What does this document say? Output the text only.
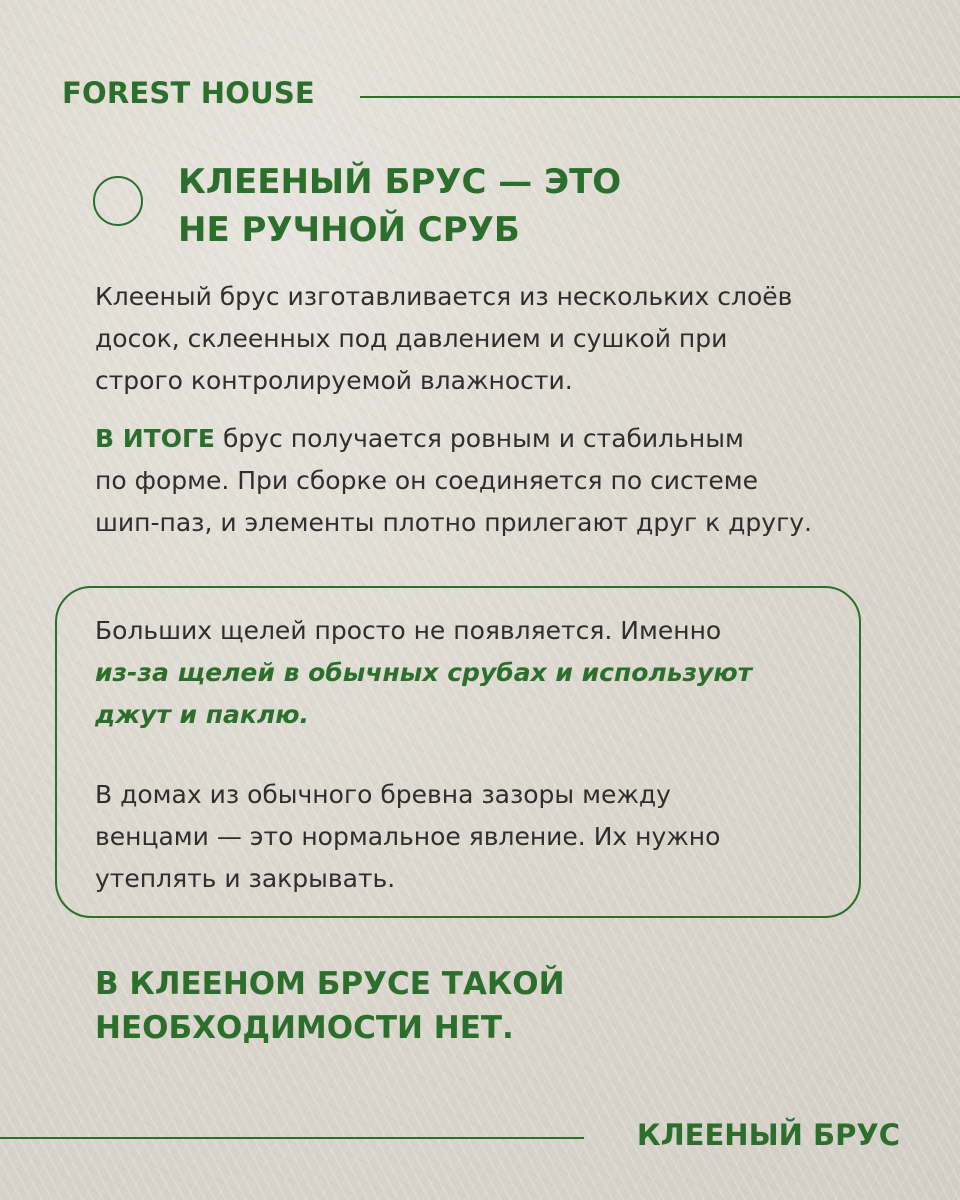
FOREST HOUSE
КЛЕЕНЫЙ БРУС — ЭТО
НЕ РУЧНОЙ СРУБ

Клееный брус изготавливается из нескольких слоёв
досок, склеенных под давлением и сушкой при
строго контролируемой влажности.

В ИТОГЕ брус получается ровным и стабильным
по форме. При сборке он соединяется по системе
шип-паз, и элементы плотно прилегают друг к другу.

Больших щелей просто не появляется. Именно
из-за щелей в обычных срубах и используют
джут и паклю.

В домах из обычного бревна зазоры между
венцами — это нормальное явление. Их нужно
утеплять и закрывать.

В КЛЕЕНОМ БРУСЕ ТАКОЙ
НЕОБХОДИМОСТИ НЕТ.
КЛЕЕНЫЙ БРУС
